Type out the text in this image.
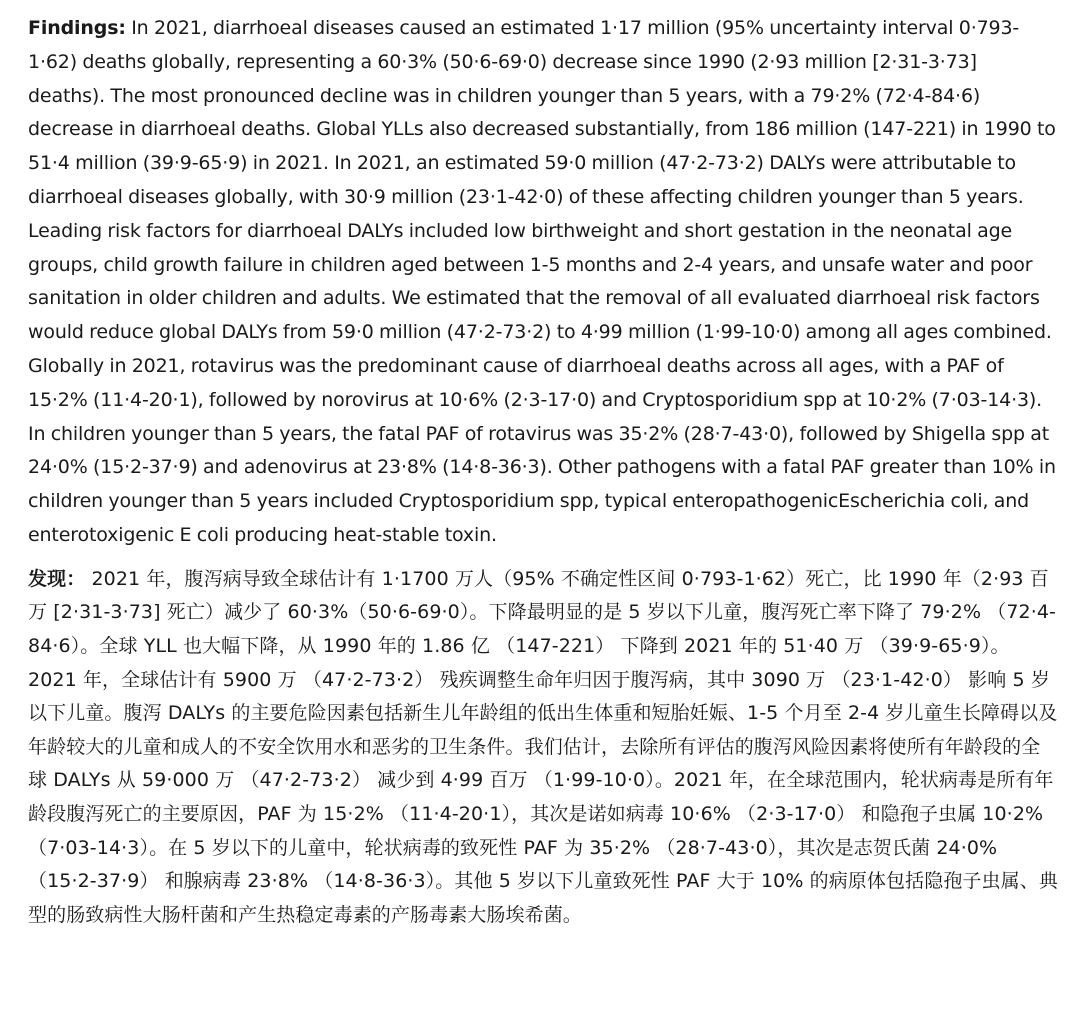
Findings: In 2021, diarrhoeal diseases caused an estimated 1·17 million (95% uncertainty interval 0·793-1·62) deaths globally, representing a 60·3% (50·6-69·0) decrease since 1990 (2·93 million [2·31-3·73] deaths). The most pronounced decline was in children younger than 5 years, with a 79·2% (72·4-84·6) decrease in diarrhoeal deaths. Global YLLs also decreased substantially, from 186 million (147-221) in 1990 to 51·4 million (39·9-65·9) in 2021. In 2021, an estimated 59·0 million (47·2-73·2) DALYs were attributable to diarrhoeal diseases globally, with 30·9 million (23·1-42·0) of these affecting children younger than 5 years. Leading risk factors for diarrhoeal DALYs included low birthweight and short gestation in the neonatal age groups, child growth failure in children aged between 1-5 months and 2-4 years, and unsafe water and poor sanitation in older children and adults. We estimated that the removal of all evaluated diarrhoeal risk factors would reduce global DALYs from 59·0 million (47·2-73·2) to 4·99 million (1·99-10·0) among all ages combined. Globally in 2021, rotavirus was the predominant cause of diarrhoeal deaths across all ages, with a PAF of 15·2% (11·4-20·1), followed by norovirus at 10·6% (2·3-17·0) and Cryptosporidium spp at 10·2% (7·03-14·3). In children younger than 5 years, the fatal PAF of rotavirus was 35·2% (28·7-43·0), followed by Shigella spp at 24·0% (15·2-37·9) and adenovirus at 23·8% (14·8-36·3). Other pathogens with a fatal PAF greater than 10% in children younger than 5 years included Cryptosporidium spp, typical enteropathogenicEscherichia coli, and enterotoxigenic E coli producing heat-stable toxin.

发现： 2021 年，腹泻病导致全球估计有 1·1700 万人（95% 不确定性区间 0·793-1·62）死亡，比 1990 年（2·93 百万 [2·31-3·73] 死亡）减少了 60·3%（50·6-69·0）。下降最明显的是 5 岁以下儿童，腹泻死亡率下降了 79·2% （72·4-84·6）。全球 YLL 也大幅下降，从 1990 年的 1.86 亿 （147-221） 下降到 2021 年的 51·40 万 （39·9-65·9）。2021 年，全球估计有 5900 万 （47·2-73·2） 残疾调整生命年归因于腹泻病，其中 3090 万 （23·1-42·0） 影响 5 岁以下儿童。腹泻 DALYs 的主要危险因素包括新生儿年龄组的低出生体重和短胎妊娠、1-5 个月至 2-4 岁儿童生长障碍以及年龄较大的儿童和成人的不安全饮用水和恶劣的卫生条件。我们估计，去除所有评估的腹泻风险因素将使所有年龄段的全球 DALYs 从 59·000 万 （47·2-73·2） 减少到 4·99 百万 （1·99-10·0）。2021 年，在全球范围内，轮状病毒是所有年龄段腹泻死亡的主要原因，PAF 为 15·2% （11·4-20·1），其次是诺如病毒 10·6% （2·3-17·0） 和隐孢子虫属 10·2% （7·03-14·3）。在 5 岁以下的儿童中，轮状病毒的致死性 PAF 为 35·2% （28·7-43·0），其次是志贺氏菌 24·0% （15·2-37·9） 和腺病毒 23·8% （14·8-36·3）。其他 5 岁以下儿童致死性 PAF 大于 10% 的病原体包括隐孢子虫属、典型的肠致病性大肠杆菌和产生热稳定毒素的产肠毒素大肠埃希菌。
